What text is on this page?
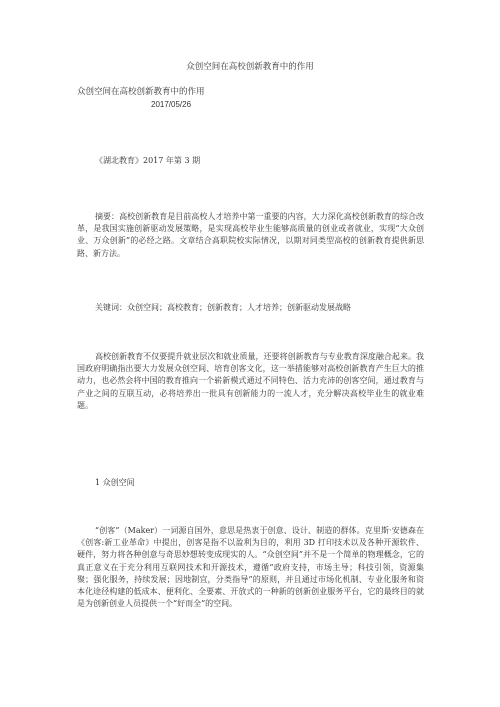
众创空间在高校创新教育中的作用
众创空间在高校创新教育中的作用
2017/05/26
《湖北教育》2017 年第 3 期

摘要：高校创新教育是目前高校人才培养中第一重要的内容，大力深化高校创新教育的综合改革，是我国实施创新驱动发展策略，是实现高校毕业生能够高质量的创业或者就业，实现“大众创业、万众创新”的必经之路。文章结合高职院校实际情况，以期对同类型高校的创新教育提供新思路、新方法。

关键词：众创空间；高校教育；创新教育；人才培养；创新驱动发展战略

高校创新教育不仅要提升就业层次和就业质量，还要将创新教育与专业教育深度融合起来。我国政府明确指出要大力发展众创空间、培育创客文化，这一举措能够对高校创新教育产生巨大的推动力，也必然会将中国的教育推向一个崭新模式通过不同特色、活力充沛的创客空间，通过教育与产业之间的互联互动，必将培养出一批具有创新能力的一流人才，充分解决高校毕业生的就业难题。

1 众创空间

“创客”（Maker）一词源自国外，意思是热衷于创意、设计、制造的群体。克里斯·安德森在《创客:新工业革命》中提出，创客是指不以盈利为目的，利用 3D 打印技术以及各种开源软件、硬件，努力将各种创意与奇思妙想转变成现实的人。“众创空间”并不是一个简单的物理概念，它的真正意义在于充分利用互联网技术和开源技术，遵循“政府支持，市场主导；科技引领，资源集聚；强化服务，持续发展；因地制宜，分类指导”的原则，并且通过市场化机制、专业化服务和资本化途径构建的低成本、便利化、全要素、开放式的一种新的创新创业服务平台，它的最终目的就是为创新创业人员提供一个“好而全”的空间。
